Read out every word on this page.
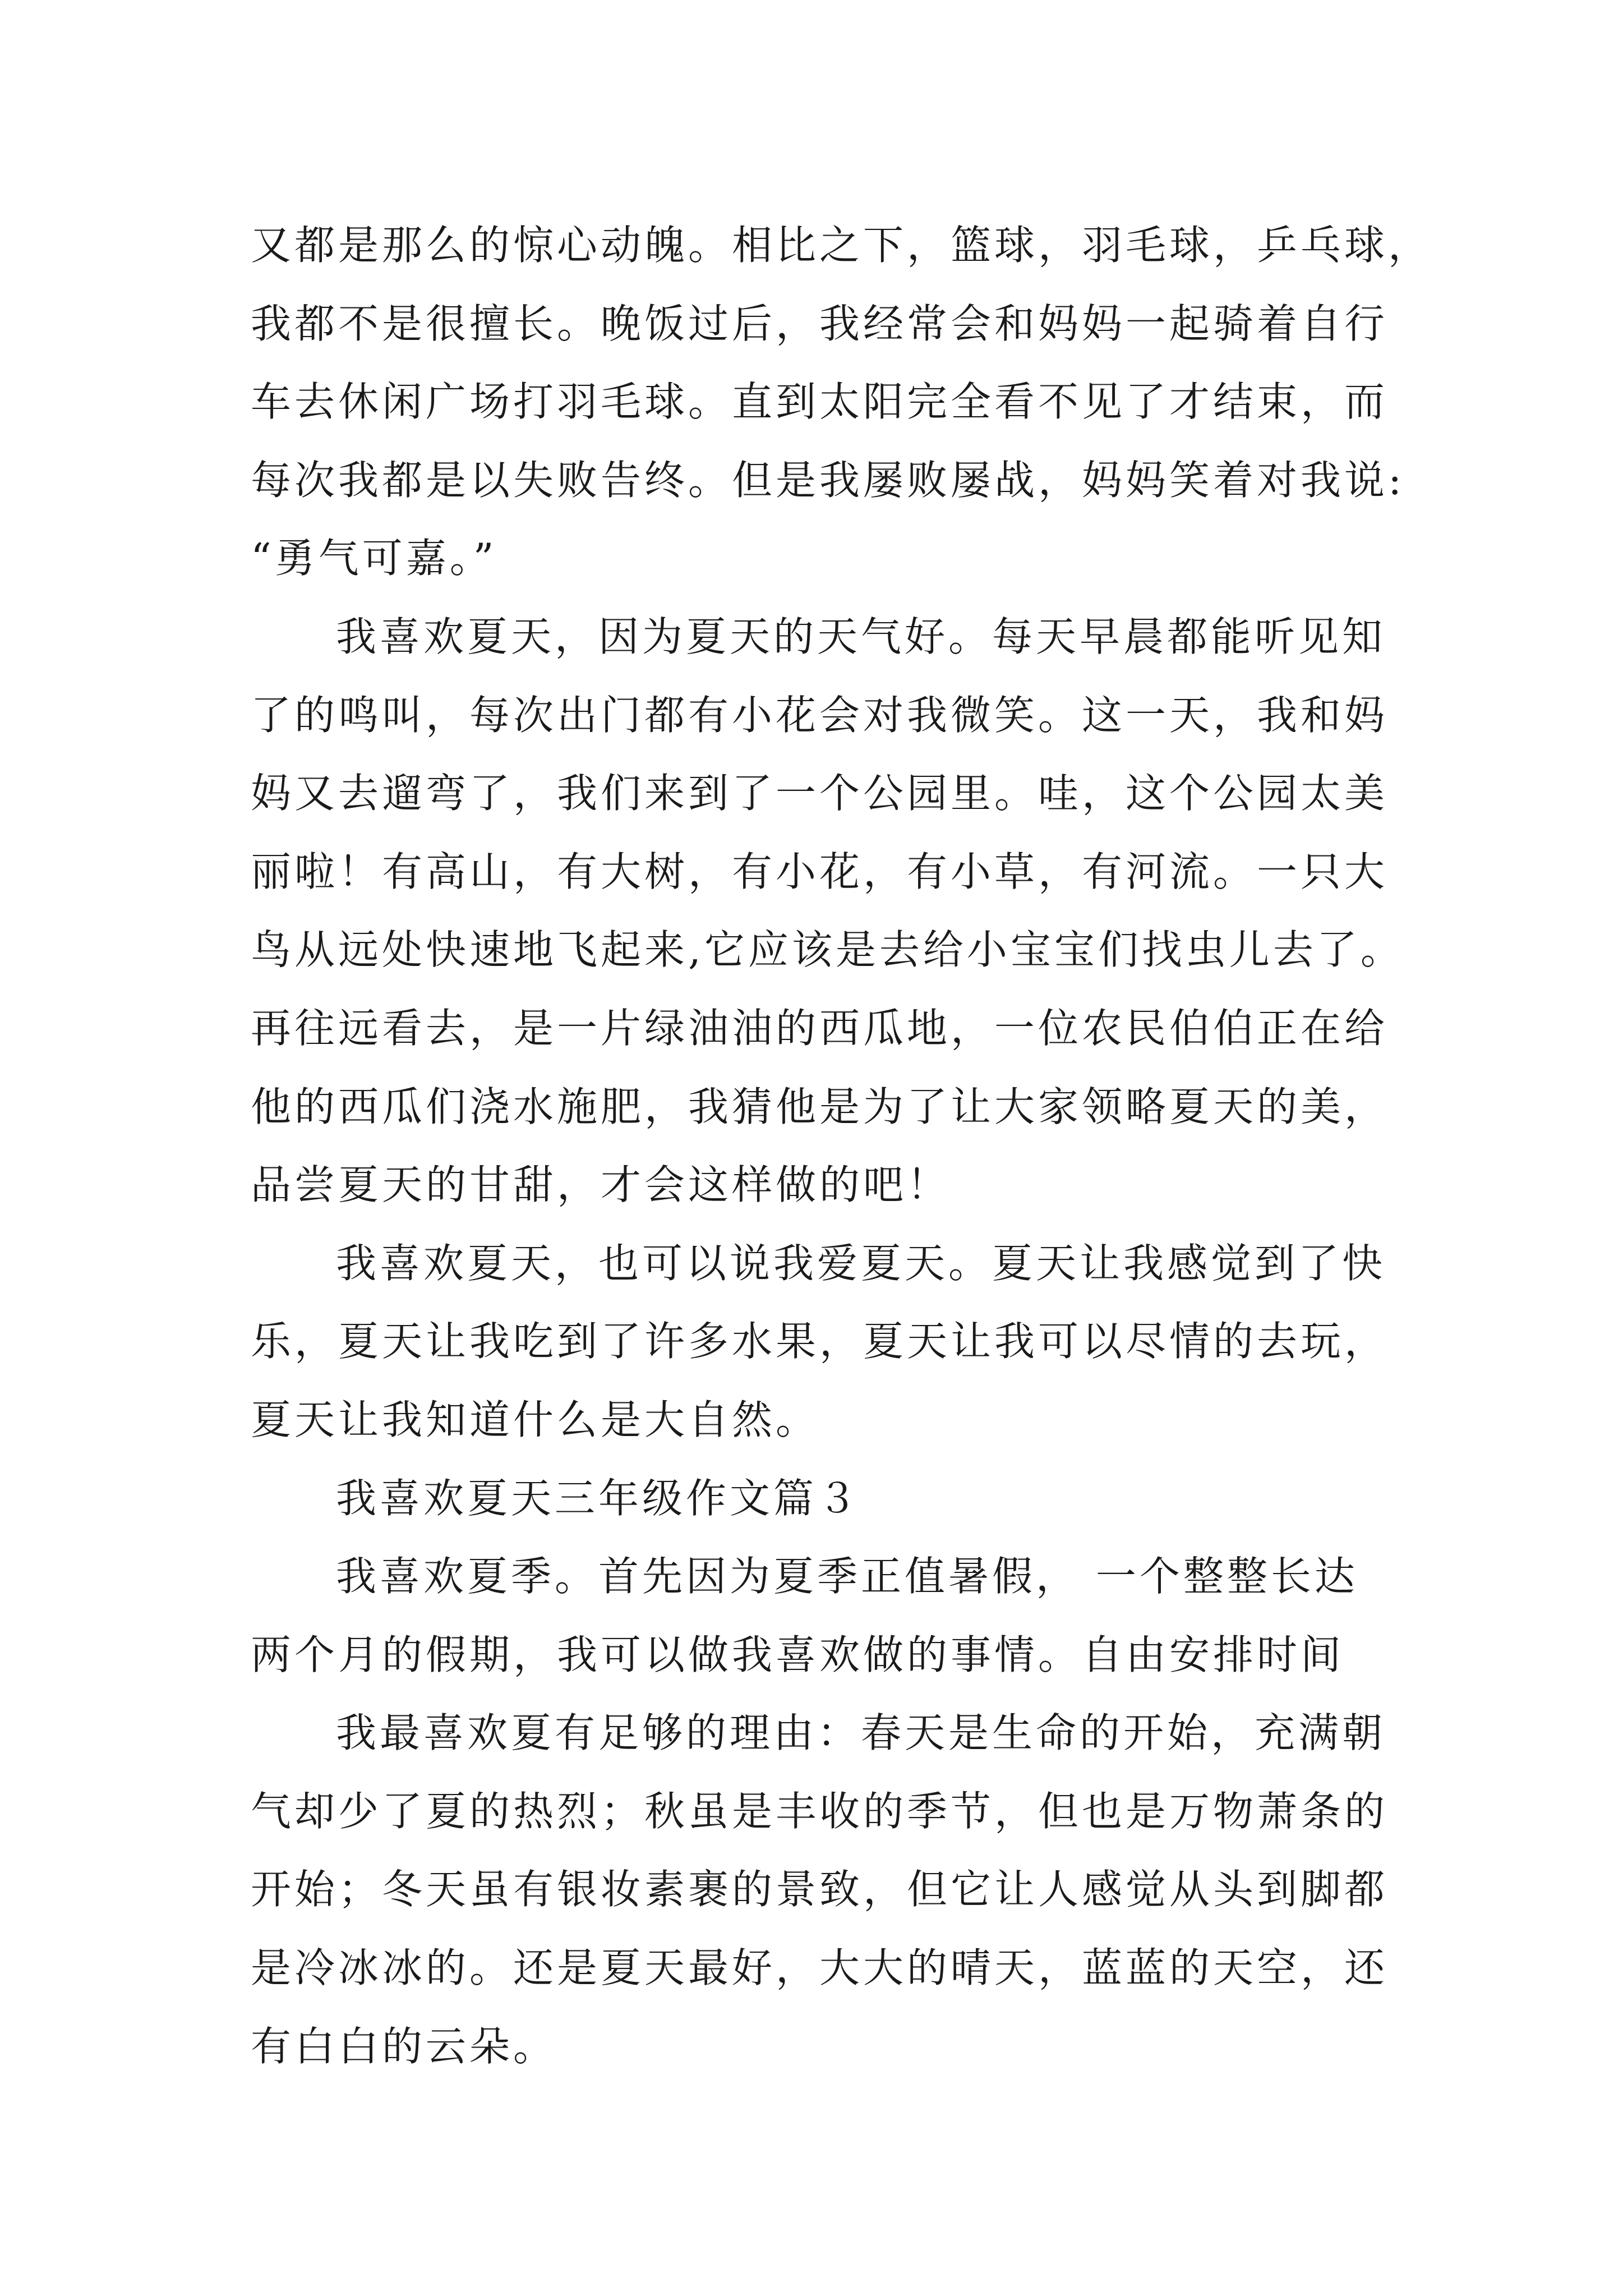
又都是那么的惊心动魄。相比之下，篮球，羽毛球，乒乓球，
我都不是很擅长。晚饭过后，我经常会和妈妈一起骑着自行
车去休闲广场打羽毛球。直到太阳完全看不见了才结束，而
每次我都是以失败告终。但是我屡败屡战，妈妈笑着对我说:
“勇气可嘉。”
我喜欢夏天，因为夏天的天气好。每天早晨都能听见知
了的鸣叫，每次出门都有小花会对我微笑。这一天，我和妈
妈又去遛弯了，我们来到了一个公园里。哇，这个公园太美
丽啦！有高山，有大树，有小花，有小草，有河流。一只大
鸟从远处快速地飞起来,它应该是去给小宝宝们找虫儿去了。
再往远看去，是一片绿油油的西瓜地，一位农民伯伯正在给
他的西瓜们浇水施肥，我猜他是为了让大家领略夏天的美，
品尝夏天的甘甜，才会这样做的吧！
我喜欢夏天，也可以说我爱夏天。夏天让我感觉到了快
乐，夏天让我吃到了许多水果，夏天让我可以尽情的去玩，
夏天让我知道什么是大自然。
我喜欢夏天三年级作文篇３
我喜欢夏季。首先因为夏季正值暑假， 一个整整长达
两个月的假期，我可以做我喜欢做的事情。自由安排时间
我最喜欢夏有足够的理由：春天是生命的开始，充满朝
气却少了夏的热烈；秋虽是丰收的季节，但也是万物萧条的
开始；冬天虽有银妆素裹的景致，但它让人感觉从头到脚都
是冷冰冰的。还是夏天最好，大大的晴天，蓝蓝的天空，还
有白白的云朵。
